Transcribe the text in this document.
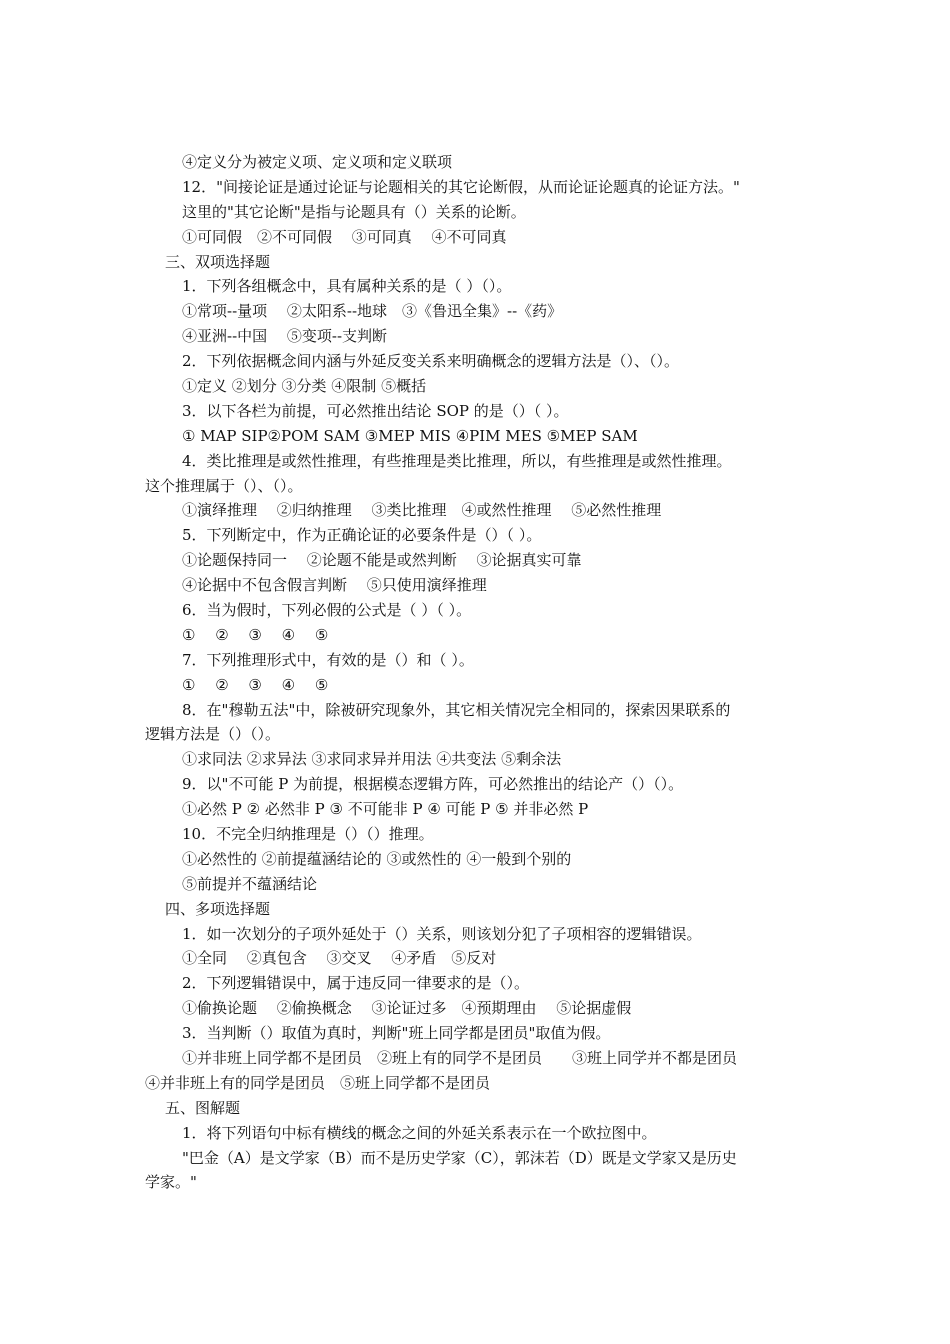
④定义分为被定义项、定义项和定义联项
12．"间接论证是通过论证与论题相关的其它论断假，从而论证论题真的论证方法。"
这里的"其它论断"是指与论题具有（）关系的论断。
①可同假　②不可同假　 ③可同真　 ④不可同真
三、双项选择题
1．下列各组概念中，具有属种关系的是（ ）（）。
①常项--量项　 ②太阳系--地球　③《鲁迅全集》--《药》
④亚洲--中国　 ⑤变项--支判断
2．下列依据概念间内涵与外延反变关系来明确概念的逻辑方法是（）、（）。
①定义 ②划分 ③分类 ④限制 ⑤概括
3．以下各栏为前提，可必然推出结论 SOP 的是（）（ ）。
① MAP SIP②POM SAM ③MEP MIS ④PIM MES ⑤MEP SAM
4．类比推理是或然性推理，有些推理是类比推理，所以，有些推理是或然性推理。
这个推理属于（）、（）。
①演绎推理　 ②归纳推理　 ③类比推理　④或然性推理　 ⑤必然性推理
5．下列断定中，作为正确论证的必要条件是（）（ ）。
①论题保持同一　 ②论题不能是或然判断　 ③论据真实可靠
④论据中不包含假言判断　 ⑤只使用演绎推理
6．当为假时，下列必假的公式是（ ）（ ）。
①　 ②　 ③　 ④　 ⑤
7．下列推理形式中，有效的是（）和（ ）。
①　 ②　 ③　 ④　 ⑤
8．在"穆勒五法"中，除被研究现象外，其它相关情况完全相同的，探索因果联系的
逻辑方法是（）（）。
①求同法 ②求异法 ③求同求异并用法 ④共变法 ⑤剩余法
9．以"不可能 P 为前提，根据模态逻辑方阵，可必然推出的结论产（）（）。
①必然 P ② 必然非 P ③ 不可能非 P ④ 可能 P ⑤ 并非必然 P
10．不完全归纳推理是（）（）推理。
①必然性的 ②前提蕴涵结论的 ③或然性的 ④一般到个别的
⑤前提并不蕴涵结论
四、多项选择题
1．如一次划分的子项外延处于（）关系，则该划分犯了子项相容的逻辑错误。
①全同　 ②真包含　 ③交叉　 ④矛盾　⑤反对
2．下列逻辑错误中，属于违反同一律要求的是（）。
①偷换论题　 ②偷换概念　 ③论证过多　④预期理由　 ⑤论据虚假
3．当判断（）取值为真时，判断"班上同学都是团员"取值为假。
①并非班上同学都不是团员　②班上有的同学不是团员　　③班上同学并不都是团员
④并非班上有的同学是团员　⑤班上同学都不是团员
五、图解题
1．将下列语句中标有横线的概念之间的外延关系表示在一个欧拉图中。
"巴金（A）是文学家（B）而不是历史学家（C），郭沫若（D）既是文学家又是历史
学家。"
